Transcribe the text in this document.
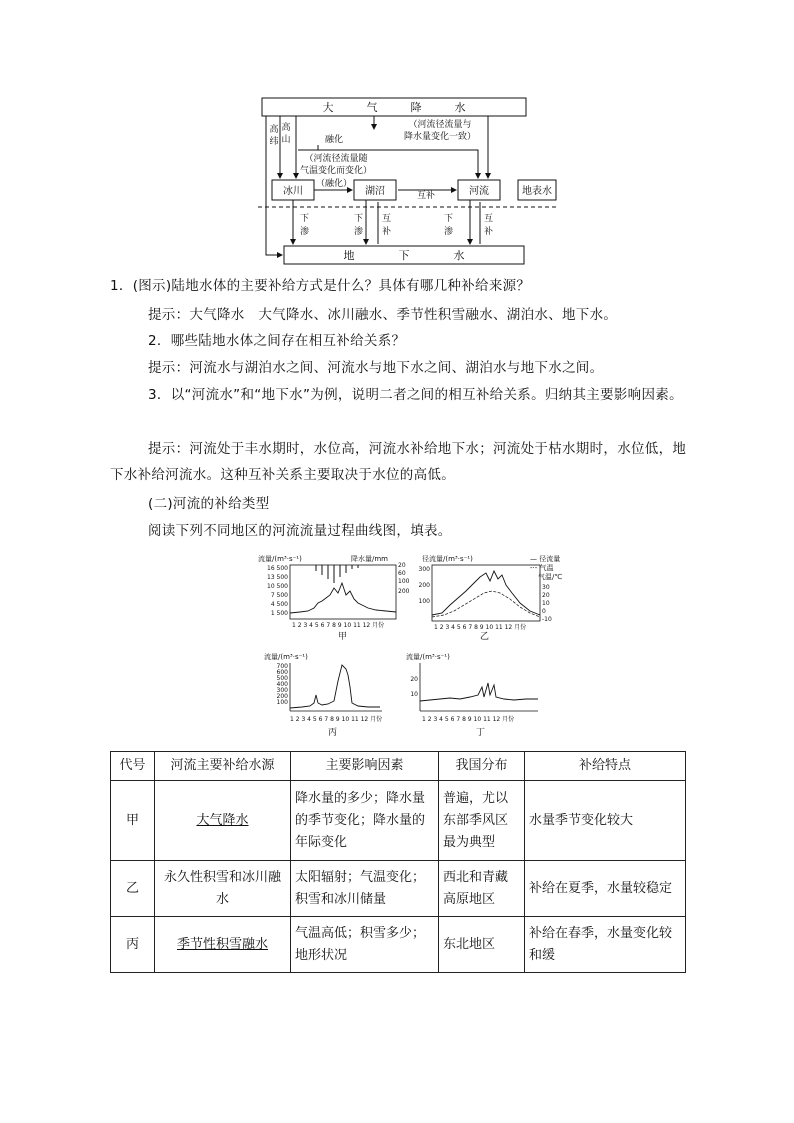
大　　　气　　　降　　　水
地　　　　下　　　　水
冰川	湖沼	河流	地表水
高
纬
高
山	融化
（河流径流量与
降水量变化一致）
（河流径流量随
气温变化而变化）
（融化）
互补
下
渗
下
渗
互
补
下
渗
互
补
1．(图示)陆地水体的主要补给方式是什么？具体有哪几种补给来源？
提示：大气降水　大气降水、冰川融水、季节性积雪融水、湖泊水、地下水。
2．哪些陆地水体之间存在相互补给关系？
提示：河流水与湖泊水之间、河流水与地下水之间、湖泊水与地下水之间。
3．以“河流水”和“地下水”为例，说明二者之间的相互补给关系。归纳其主要影响因素。
提示：河流处于丰水期时，水位高，河流水补给地下水；河流处于枯水期时，水位低，地下水补给河流水。这种互补关系主要取决于水位的高低。
(二)河流的补给类型
阅读下列不同地区的河流流量过程曲线图，填表。
流量/(m³·s⁻¹)	降水量/mm
16 500
13 500
10 500
7 500
4 500
1 500
20
60
100
200
1 2 3 4 5 6 7 8 9 10 11 12 月份
甲
径流量/(m³·s⁻¹)	— 径流量
-·- 气温
气温/℃
300
200
100
30
20
10
0
-10
1 2 3 4 5 6 7 8 9 10 11 12 月份
乙
流量/(m³·s⁻¹)
700
600
500
400
300
200
100
1 2 3 4 5 6 7 8 9 10 11 12 月份
丙
流量/(m³·s⁻¹)
20
10
1 2 3 4 5 6 7 8 9 10 11 12 月份
丁
代号	河流主要补给水源	主要影响因素	我国分布	补给特点
甲	大气降水	降水量的多少；降水量的季节变化；降水量的年际变化	普遍，尤以东部季风区最为典型	水量季节变化较大
乙	永久性积雪和冰川融水	太阳辐射；气温变化；积雪和冰川储量	西北和青藏高原地区	补给在夏季，水量较稳定
丙	季节性积雪融水	气温高低；积雪多少；地形状况	东北地区	补给在春季，水量变化较和缓
